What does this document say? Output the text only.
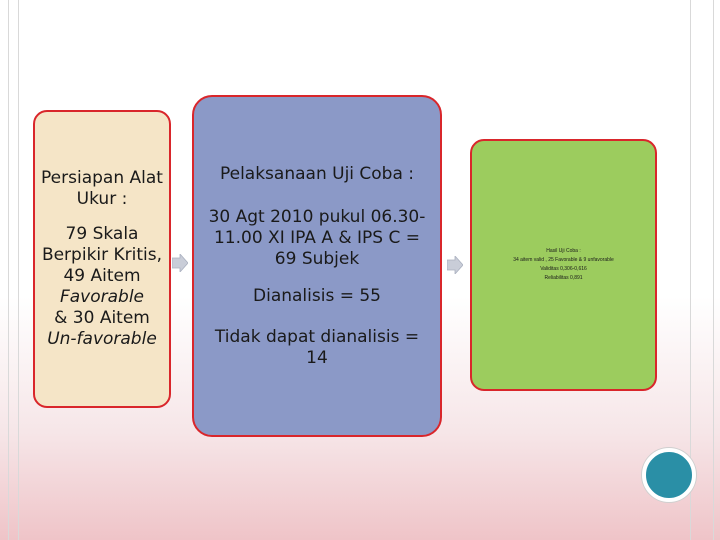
Persiapan Alat Ukur :
79 Skala Berpikir Kritis, 49 Aitem
Favorable
& 30 Aitem
Un-favorable

Pelaksanaan Uji Coba :

30 Agt 2010 pukul 06.30-11.00 XI IPA A & IPS C = 69 Subjek

Dianalisis = 55

Tidak dapat dianalisis = 14

Hasil Uji Coba :
34 aitem valid , 25 Favorable & 9 unfavorable
Validitas 0,306-0,616
Reliabilitas 0,891
